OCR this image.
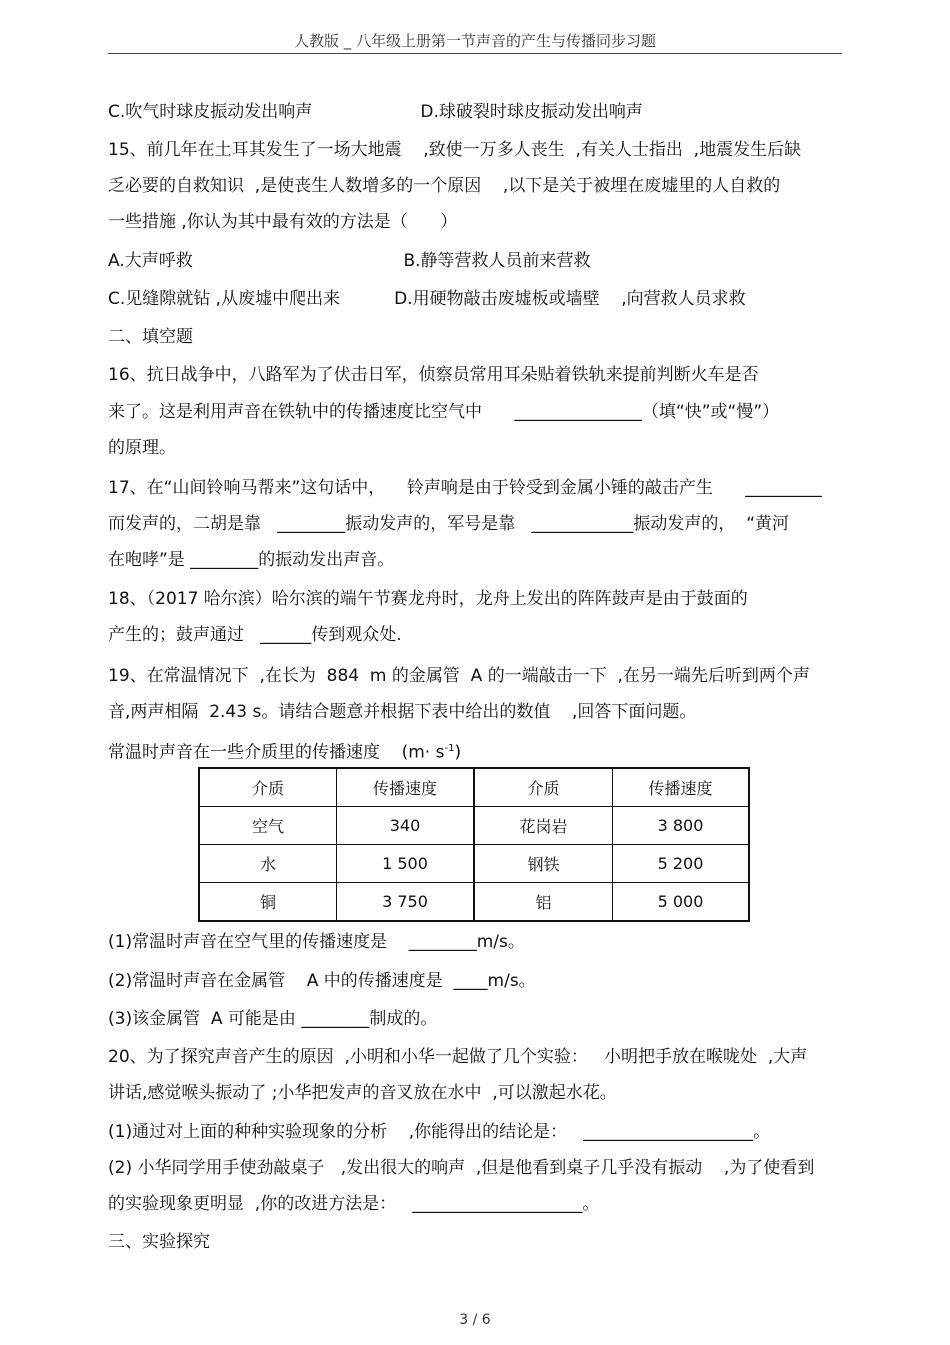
人教版 _ 八年级上册第一节声音的产生与传播同步习题
C.吹气时球皮振动发出响声                    D.球破裂时球皮振动发出响声
15、前几年在土耳其发生了一场大地震    ,致使一万多人丧生  ,有关人士指出  ,地震发生后缺
乏必要的自救知识  ,是使丧生人数增多的一个原因    ,以下是关于被埋在废墟里的人自救的
一些措施 ,你认为其中最有效的方法是（      ）
A.大声呼救                                       B.静等营救人员前来营救
C.见缝隙就钻 ,从废墟中爬出来          D.用硬物敲击废墟板或墙壁    ,向营救人员求救
二、填空题
16、抗日战争中，八路军为了伏击日军，侦察员常用耳朵贴着铁轨来提前判断火车是否
来了。这是利用声音在铁轨中的传播速度比空气中      _______________（填“快”或“慢”）
的原理。
17、在“山间铃响马帮来”这句话中，    铃声响是由于铃受到金属小锤的敲击产生      _________
而发声的，二胡是靠   ________振动发声的，军号是靠   ____________振动发声的，  “黄河
在咆哮”是 ________的振动发出声音。
18、（2017 哈尔滨）哈尔滨的端午节赛龙舟时，龙舟上发出的阵阵鼓声是由于鼓面的
产生的；鼓声通过   ______传到观众处.
19、在常温情况下  ,在长为  884  m 的金属管  A 的一端敲击一下  ,在另一端先后听到两个声
音,两声相隔  2.43 s。请结合题意并根据下表中给出的数值    ,回答下面问题。
常温时声音在一些介质里的传播速度    $(m\cdot s^{-1})$
介质	传播速度	介质	传播速度
空气	340	花岗岩	3 800
水	1 500	钢铁	5 200
铜	3 750	铝	5 000
(1)常温时声音在空气里的传播速度是    ________m/s。
(2)常温时声音在金属管    A 中的传播速度是  ____m/s。
(3)该金属管  A 可能是由 ________制成的。
20、为了探究声音产生的原因  ,小明和小华一起做了几个实验：   小明把手放在喉咙处  ,大声
讲话,感觉喉头振动了 ;小华把发声的音叉放在水中  ,可以激起水花。
(1)通过对上面的种种实验现象的分析    ,你能得出的结论是：   ____________________。
(2) 小华同学用手使劲敲桌子   ,发出很大的响声  ,但是他看到桌子几乎没有振动    ,为了使看到
的实验现象更明显  ,你的改进方法是：   ____________________。
三、实验探究
3 / 6
